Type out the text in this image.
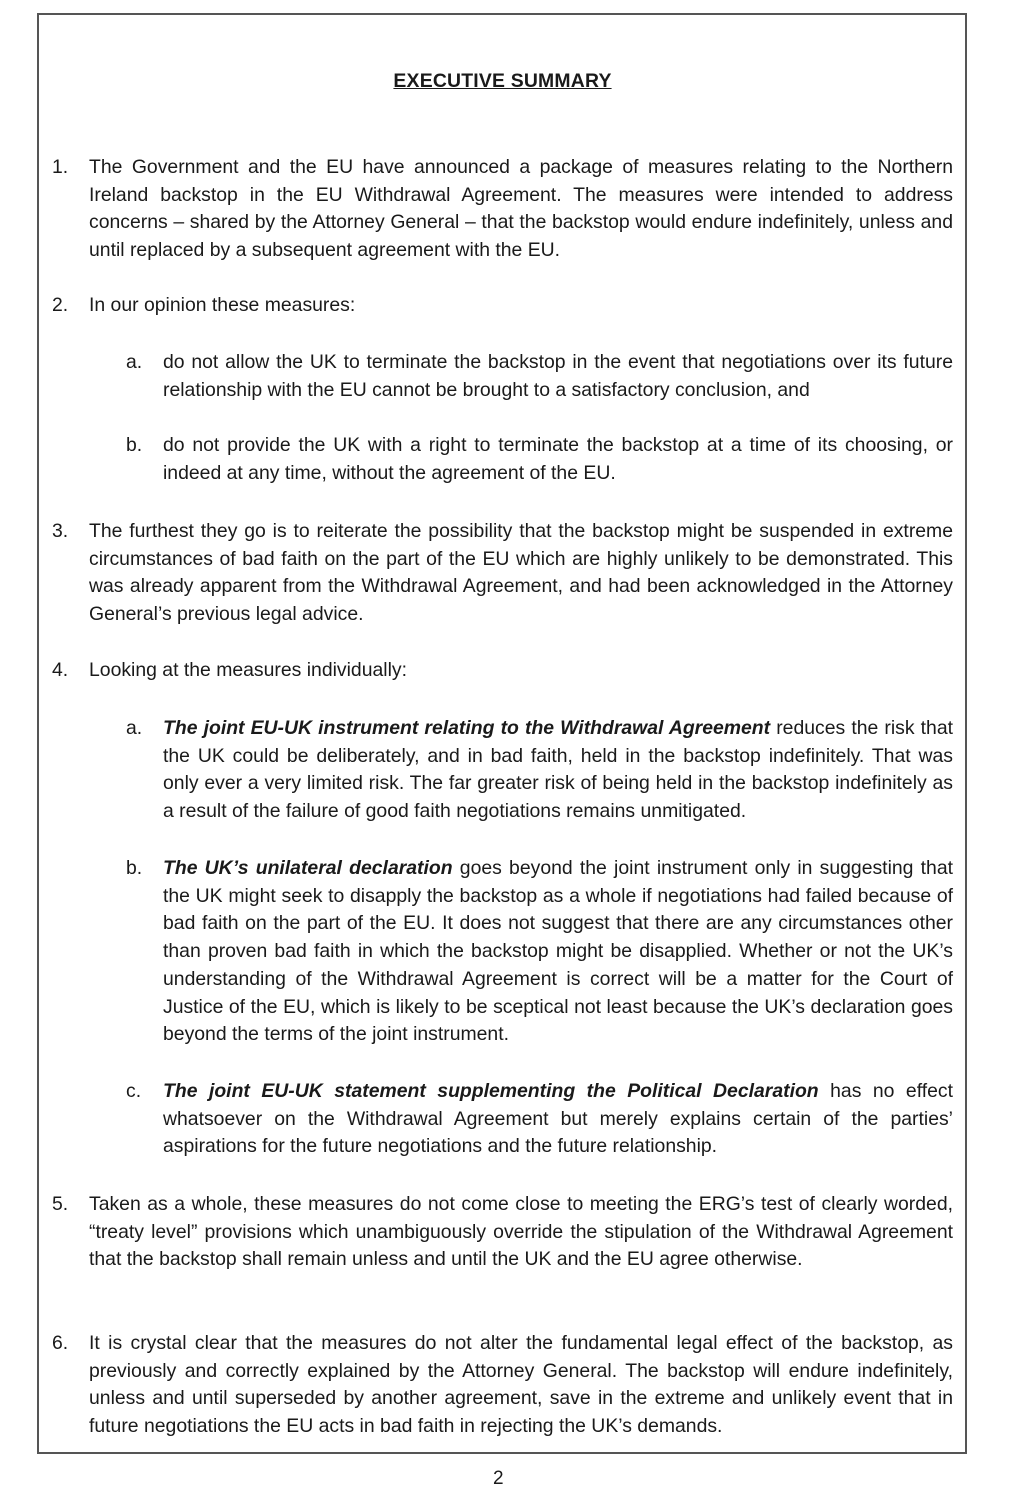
EXECUTIVE SUMMARY
1.	The Government and the EU have announced a package of measures relating to the Northern Ireland backstop in the EU Withdrawal Agreement. The measures were intended to address concerns – shared by the Attorney General – that the backstop would endure indefinitely, unless and until replaced by a subsequent agreement with the EU.
2.	In our opinion these measures:
a.	do not allow the UK to terminate the backstop in the event that negotiations over its future relationship with the EU cannot be brought to a satisfactory conclusion, and
b.	do not provide the UK with a right to terminate the backstop at a time of its choosing, or indeed at any time, without the agreement of the EU.
3.	The furthest they go is to reiterate the possibility that the backstop might be suspended in extreme circumstances of bad faith on the part of the EU which are highly unlikely to be demonstrated. This was already apparent from the Withdrawal Agreement, and had been acknowledged in the Attorney General’s previous legal advice.
4.	Looking at the measures individually:
a.	The joint EU-UK instrument relating to the Withdrawal Agreement reduces the risk that the UK could be deliberately, and in bad faith, held in the backstop indefinitely. That was only ever a very limited risk. The far greater risk of being held in the backstop indefinitely as a result of the failure of good faith negotiations remains unmitigated.
b.	The UK’s unilateral declaration goes beyond the joint instrument only in suggesting that the UK might seek to disapply the backstop as a whole if negotiations had failed because of bad faith on the part of the EU. It does not suggest that there are any circumstances other than proven bad faith in which the backstop might be disapplied. Whether or not the UK’s understanding of the Withdrawal Agreement is correct will be a matter for the Court of Justice of the EU, which is likely to be sceptical not least because the UK’s declaration goes beyond the terms of the joint instrument.
c.	The joint EU-UK statement supplementing the Political Declaration has no effect whatsoever on the Withdrawal Agreement but merely explains certain of the parties’ aspirations for the future negotiations and the future relationship.
5.	Taken as a whole, these measures do not come close to meeting the ERG’s test of clearly worded, “treaty level” provisions which unambiguously override the stipulation of the Withdrawal Agreement that the backstop shall remain unless and until the UK and the EU agree otherwise.
6.	It is crystal clear that the measures do not alter the fundamental legal effect of the backstop, as previously and correctly explained by the Attorney General. The backstop will endure indefinitely, unless and until superseded by another agreement, save in the extreme and unlikely event that in future negotiations the EU acts in bad faith in rejecting the UK’s demands.
2
